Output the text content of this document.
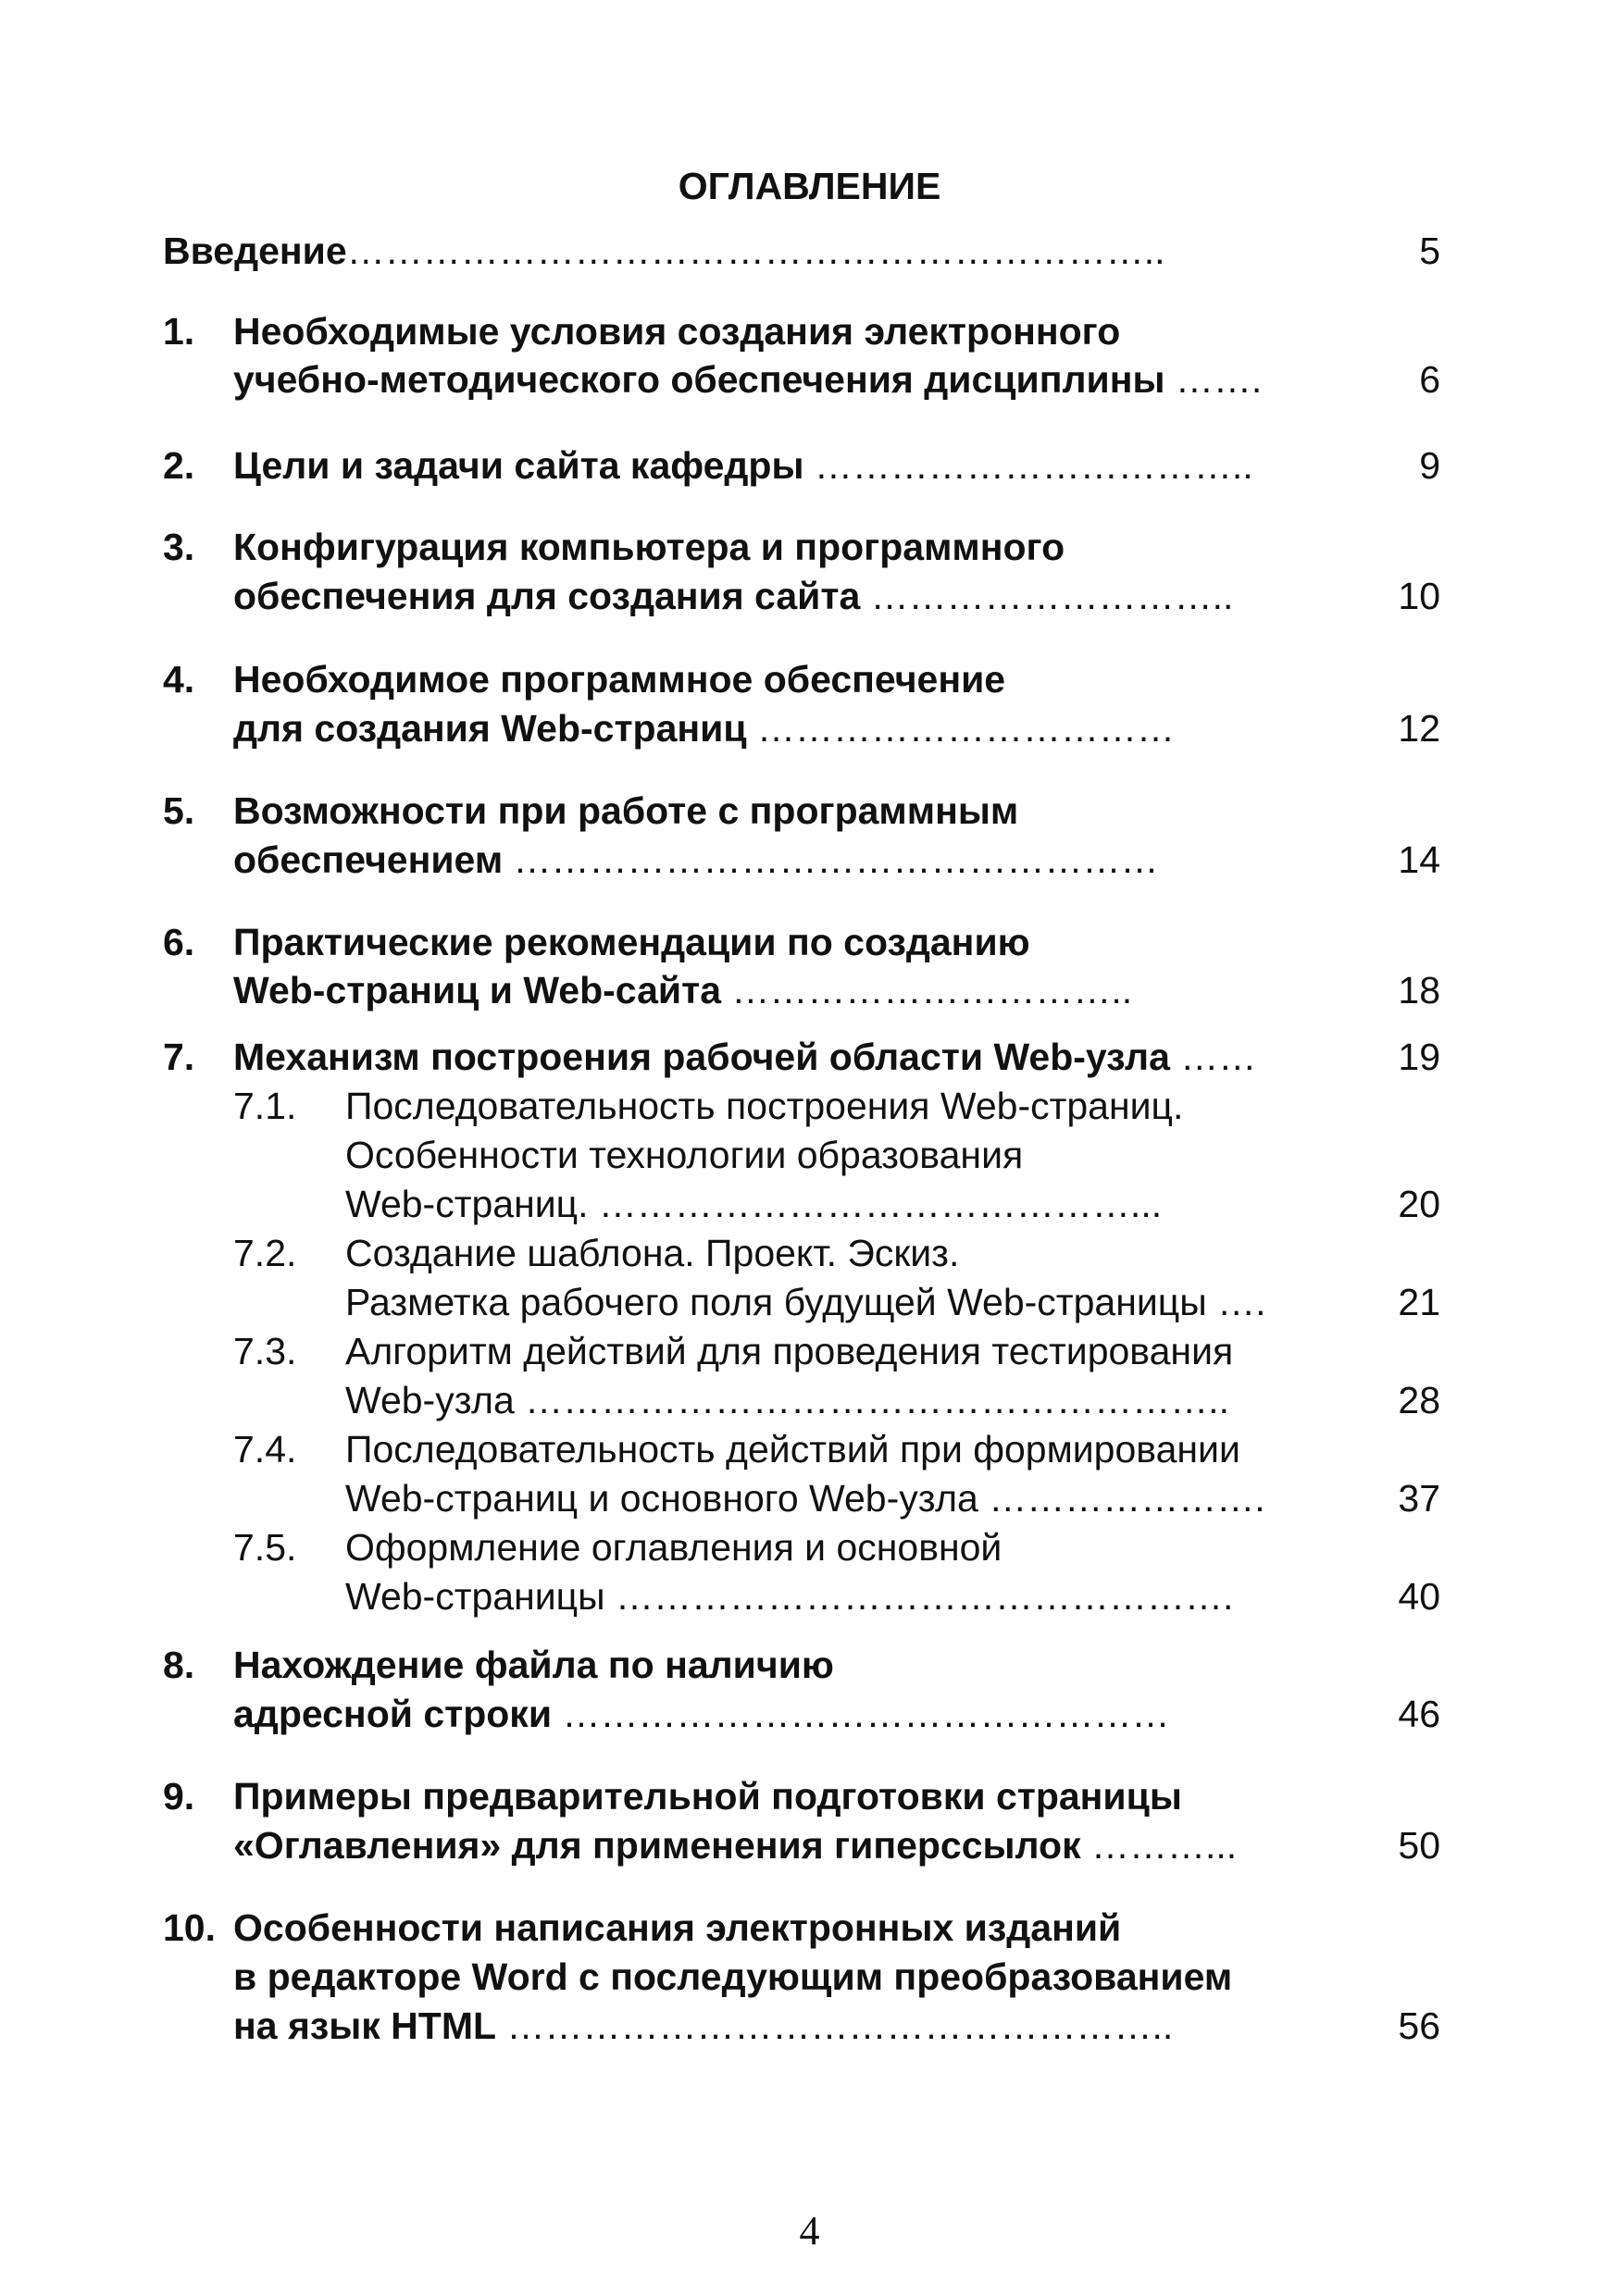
ОГЛАВЛЕНИЕ
Введение………………………………………………………..	5
1. Необходимые условия создания электронного
учебно-методического обеспечения дисциплины …….	6
2. Цели и задачи сайта кафедры ……………………………..	9
3. Конфигурация компьютера и программного
обеспечения для создания сайта ………………………..	10
4. Необходимое программное обеспечение
для создания Web-страниц ……………………………	12
5. Возможности при работе с программным
обеспечением ……………………………………………	14
6. Практические рекомендации по созданию
Web-страниц и Web-сайта …………………………..	18
7. Механизм построения рабочей области Web-узла ……	19
7.1. Последовательность построения Web-страниц.
Особенности технологии образования
Web-страниц. ……………………………………...	20
7.2. Создание шаблона. Проект. Эскиз.
Разметка рабочего поля будущей Web-страницы ….	21
7.3. Алгоритм действий для проведения тестирования
Web-узла ………………………………………………..	28
7.4. Последовательность действий при формировании
Web-страниц и основного Web-узла ………………….	37
7.5. Оформление оглавления и основной
Web-страницы ………………………………………….	40
8. Нахождение файла по наличию
адресной строки …………………………………………	46
9. Примеры предварительной подготовки страницы
«Оглавления» для применения гиперссылок ………...	50
10. Особенности написания электронных изданий
в редакторе Word с последующим преобразованием
на язык HTML ……………………………………………..	56
4
